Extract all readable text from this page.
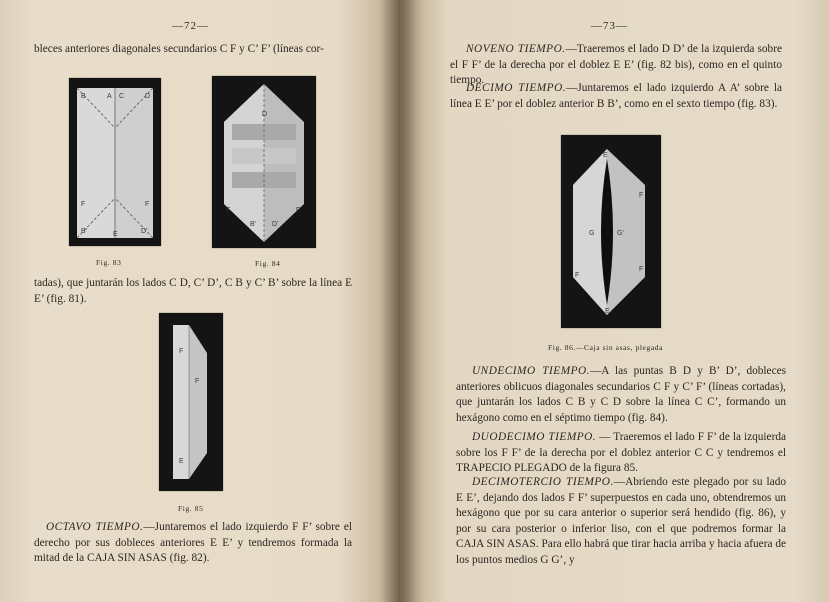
—72—
bleces anteriores diagonales secundarios C F y C’ F’ (líneas cor-
B	A C	D
F	F
B’	E	D’
Fig. 83
D
F	F
B’ D’
Fig. 84
tadas), que juntarán los lados C D, C’ D’, C B y C’ B’ sobre la línea E E’ (fig. 81).
F
F
E
Fig. 85
OCTAVO TIEMPO.—Juntaremos el lado izquierdo F F’ sobre el derecho por sus dobleces anteriores E E’ y tendremos formada la mitad de la CAJA SIN ASAS (fig. 82).
—73—
NOVENO TIEMPO.—Traeremos el lado D D’ de la izquierda sobre el F F’ de la derecha por el doblez E E’ (fig. 82 bis), como en el quinto tiempo.
DECIMO TIEMPO.—Juntaremos el lado izquierdo A A’ sobre la línea E E’ por el doblez anterior B B’, como en el sexto tiempo (fig. 83).
E
F
G	G’
F
F
E
Fig. 86.—Caja sin asas, plegada
UNDECIMO TIEMPO.—A las puntas B D y B’ D’, dobleces anteriores oblicuos diagonales secundarios C F y C’ F’ (líneas cortadas), que juntarán los lados C B y C D sobre la línea C C’, formando un hexágono como en el séptimo tiempo (fig. 84).
DUODECIMO TIEMPO. — Traeremos el lado F F’ de la izquierda sobre los F F’ de la derecha por el doblez anterior C C y tendremos el TRAPECIO PLEGADO de la figura 85.
DECIMOTERCIO TIEMPO.—Abriendo este plegado por su lado E E’, dejando dos lados F F’ superpuestos en cada uno, obtendremos un hexágono que por su cara anterior o superior será hendido (fig. 86), y por su cara posterior o inferior liso, con el que podremos formar la CAJA SIN ASAS. Para ello habrá que tirar hacia arriba y hacia afuera de los puntos medios G G’, y
